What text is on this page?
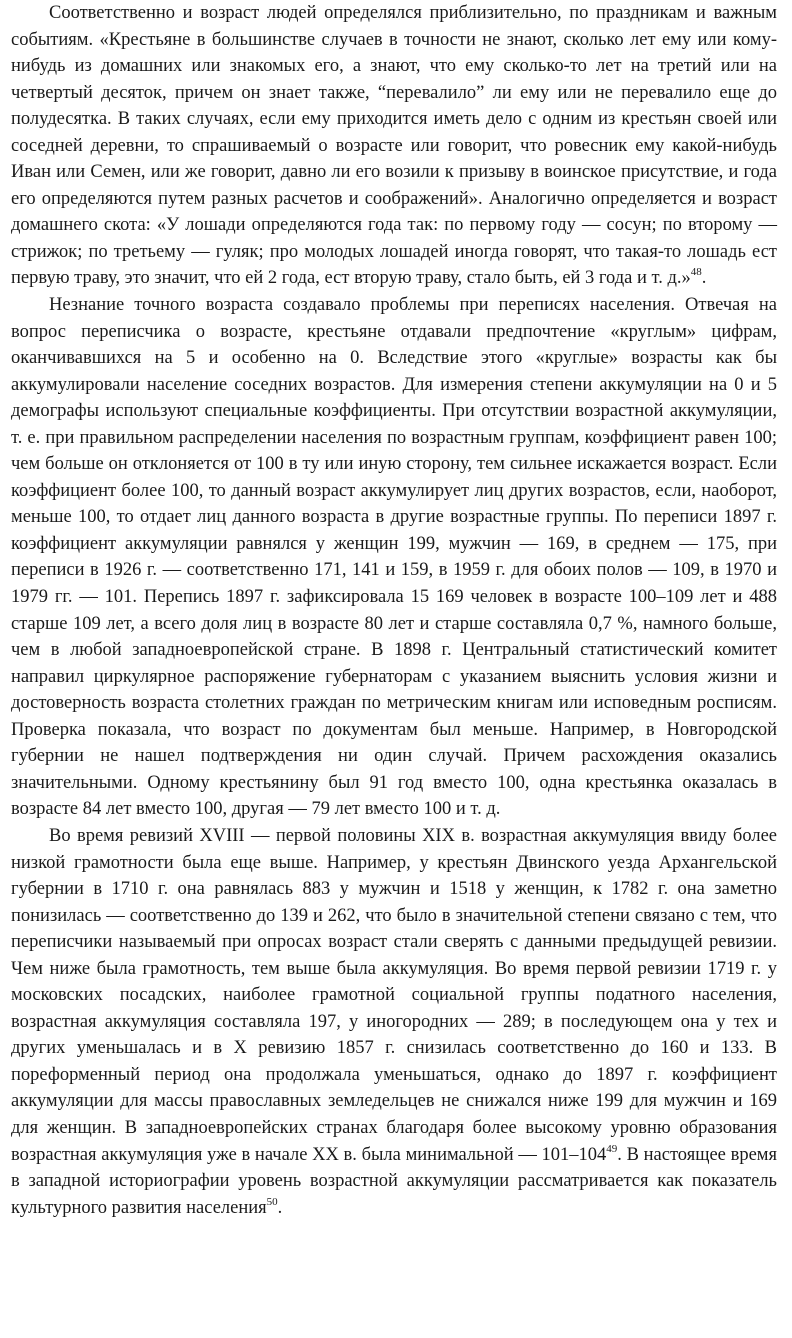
Соответственно и возраст людей определялся приблизительно, по праздникам и важным событиям. «Крестьяне в большинстве случаев в точности не знают, сколько лет ему или кому-нибудь из домашних или знакомых его, а знают, что ему сколько-то лет на третий или на четвертый десяток, причем он знает также, “перевалило” ли ему или не перевалило еще до полудесятка. В таких случаях, если ему приходится иметь дело с одним из крестьян своей или соседней деревни, то спрашиваемый о возрасте или говорит, что ровесник ему какой-нибудь Иван или Семен, или же говорит, давно ли его возили к призыву в воинское присутствие, и года его определяются путем разных расчетов и соображений». Аналогично определяется и возраст домашнего скота: «У лошади определяются года так: по первому году — сосун; по второму — стрижок; по третьему — гуляк; про молодых лошадей иногда говорят, что такая-то лошадь ест первую траву, это значит, что ей 2 года, ест вторую траву, стало быть, ей 3 года и т. д.»$^{48}$.

Незнание точного возраста создавало проблемы при переписях населения. Отвечая на вопрос переписчика о возрасте, крестьяне отдавали предпочтение «круглым» цифрам, оканчивавшихся на 5 и особенно на 0. Вследствие этого «круглые» возрасты как бы аккумулировали население соседних возрастов. Для измерения степени аккумуляции на 0 и 5 демографы используют специальные коэффициенты. При отсутствии возрастной аккумуляции, т. е. при правильном распределении населения по возрастным группам, коэффициент равен 100; чем больше он отклоняется от 100 в ту или иную сторону, тем сильнее искажается возраст. Если коэффициент более 100, то данный возраст аккумулирует лиц других возрастов, если, наоборот, меньше 100, то отдает лиц данного возраста в другие возрастные группы. По переписи 1897 г. коэффициент аккумуляции равнялся у женщин 199, мужчин — 169, в среднем — 175, при переписи в 1926 г. — соответственно 171, 141 и 159, в 1959 г. для обоих полов — 109, в 1970 и 1979 гг. — 101. Перепись 1897 г. зафиксировала 15 169 человек в возрасте 100–109 лет и 488 старше 109 лет, а всего доля лиц в возрасте 80 лет и старше составляла 0,7 %, намного больше, чем в любой западноевропейской стране. В 1898 г. Центральный статистический комитет направил циркулярное распоряжение губернаторам с указанием выяснить условия жизни и достоверность возраста столетних граждан по метрическим книгам или исповедным росписям. Проверка показала, что возраст по документам был меньше. Например, в Новгородской губернии не нашел подтверждения ни один случай. Причем расхождения оказались значительными. Одному крестьянину был 91 год вместо 100, одна крестьянка оказалась в возрасте 84 лет вместо 100, другая — 79 лет вместо 100 и т. д.

Во время ревизий XVIII — первой половины XIX в. возрастная аккумуляция ввиду более низкой грамотности была еще выше. Например, у крестьян Двинского уезда Архангельской губернии в 1710 г. она равнялась 883 у мужчин и 1518 у женщин, к 1782 г. она заметно понизилась — соответственно до 139 и 262, что было в значительной степени связано с тем, что переписчики называемый при опросах возраст стали сверять с данными предыдущей ревизии. Чем ниже была грамотность, тем выше была аккумуляция. Во время первой ревизии 1719 г. у московских посадских, наиболее грамотной социальной группы податного населения, возрастная аккумуляция составляла 197, у иногородних — 289; в последующем она у тех и других уменьшалась и в X ревизию 1857 г. снизилась соответственно до 160 и 133. В пореформенный период она продолжала уменьшаться, однако до 1897 г. коэффициент аккумуляции для массы православных земледельцев не снижался ниже 199 для мужчин и 169 для женщин. В западноевропейских странах благодаря более высокому уровню образования возрастная аккумуляция уже в начале XX в. была минимальной — $101-104^{49}$. В настоящее время в западной историографии уровень возрастной аккумуляции рассматривается как показатель культурного развития населения$^{50}$.
